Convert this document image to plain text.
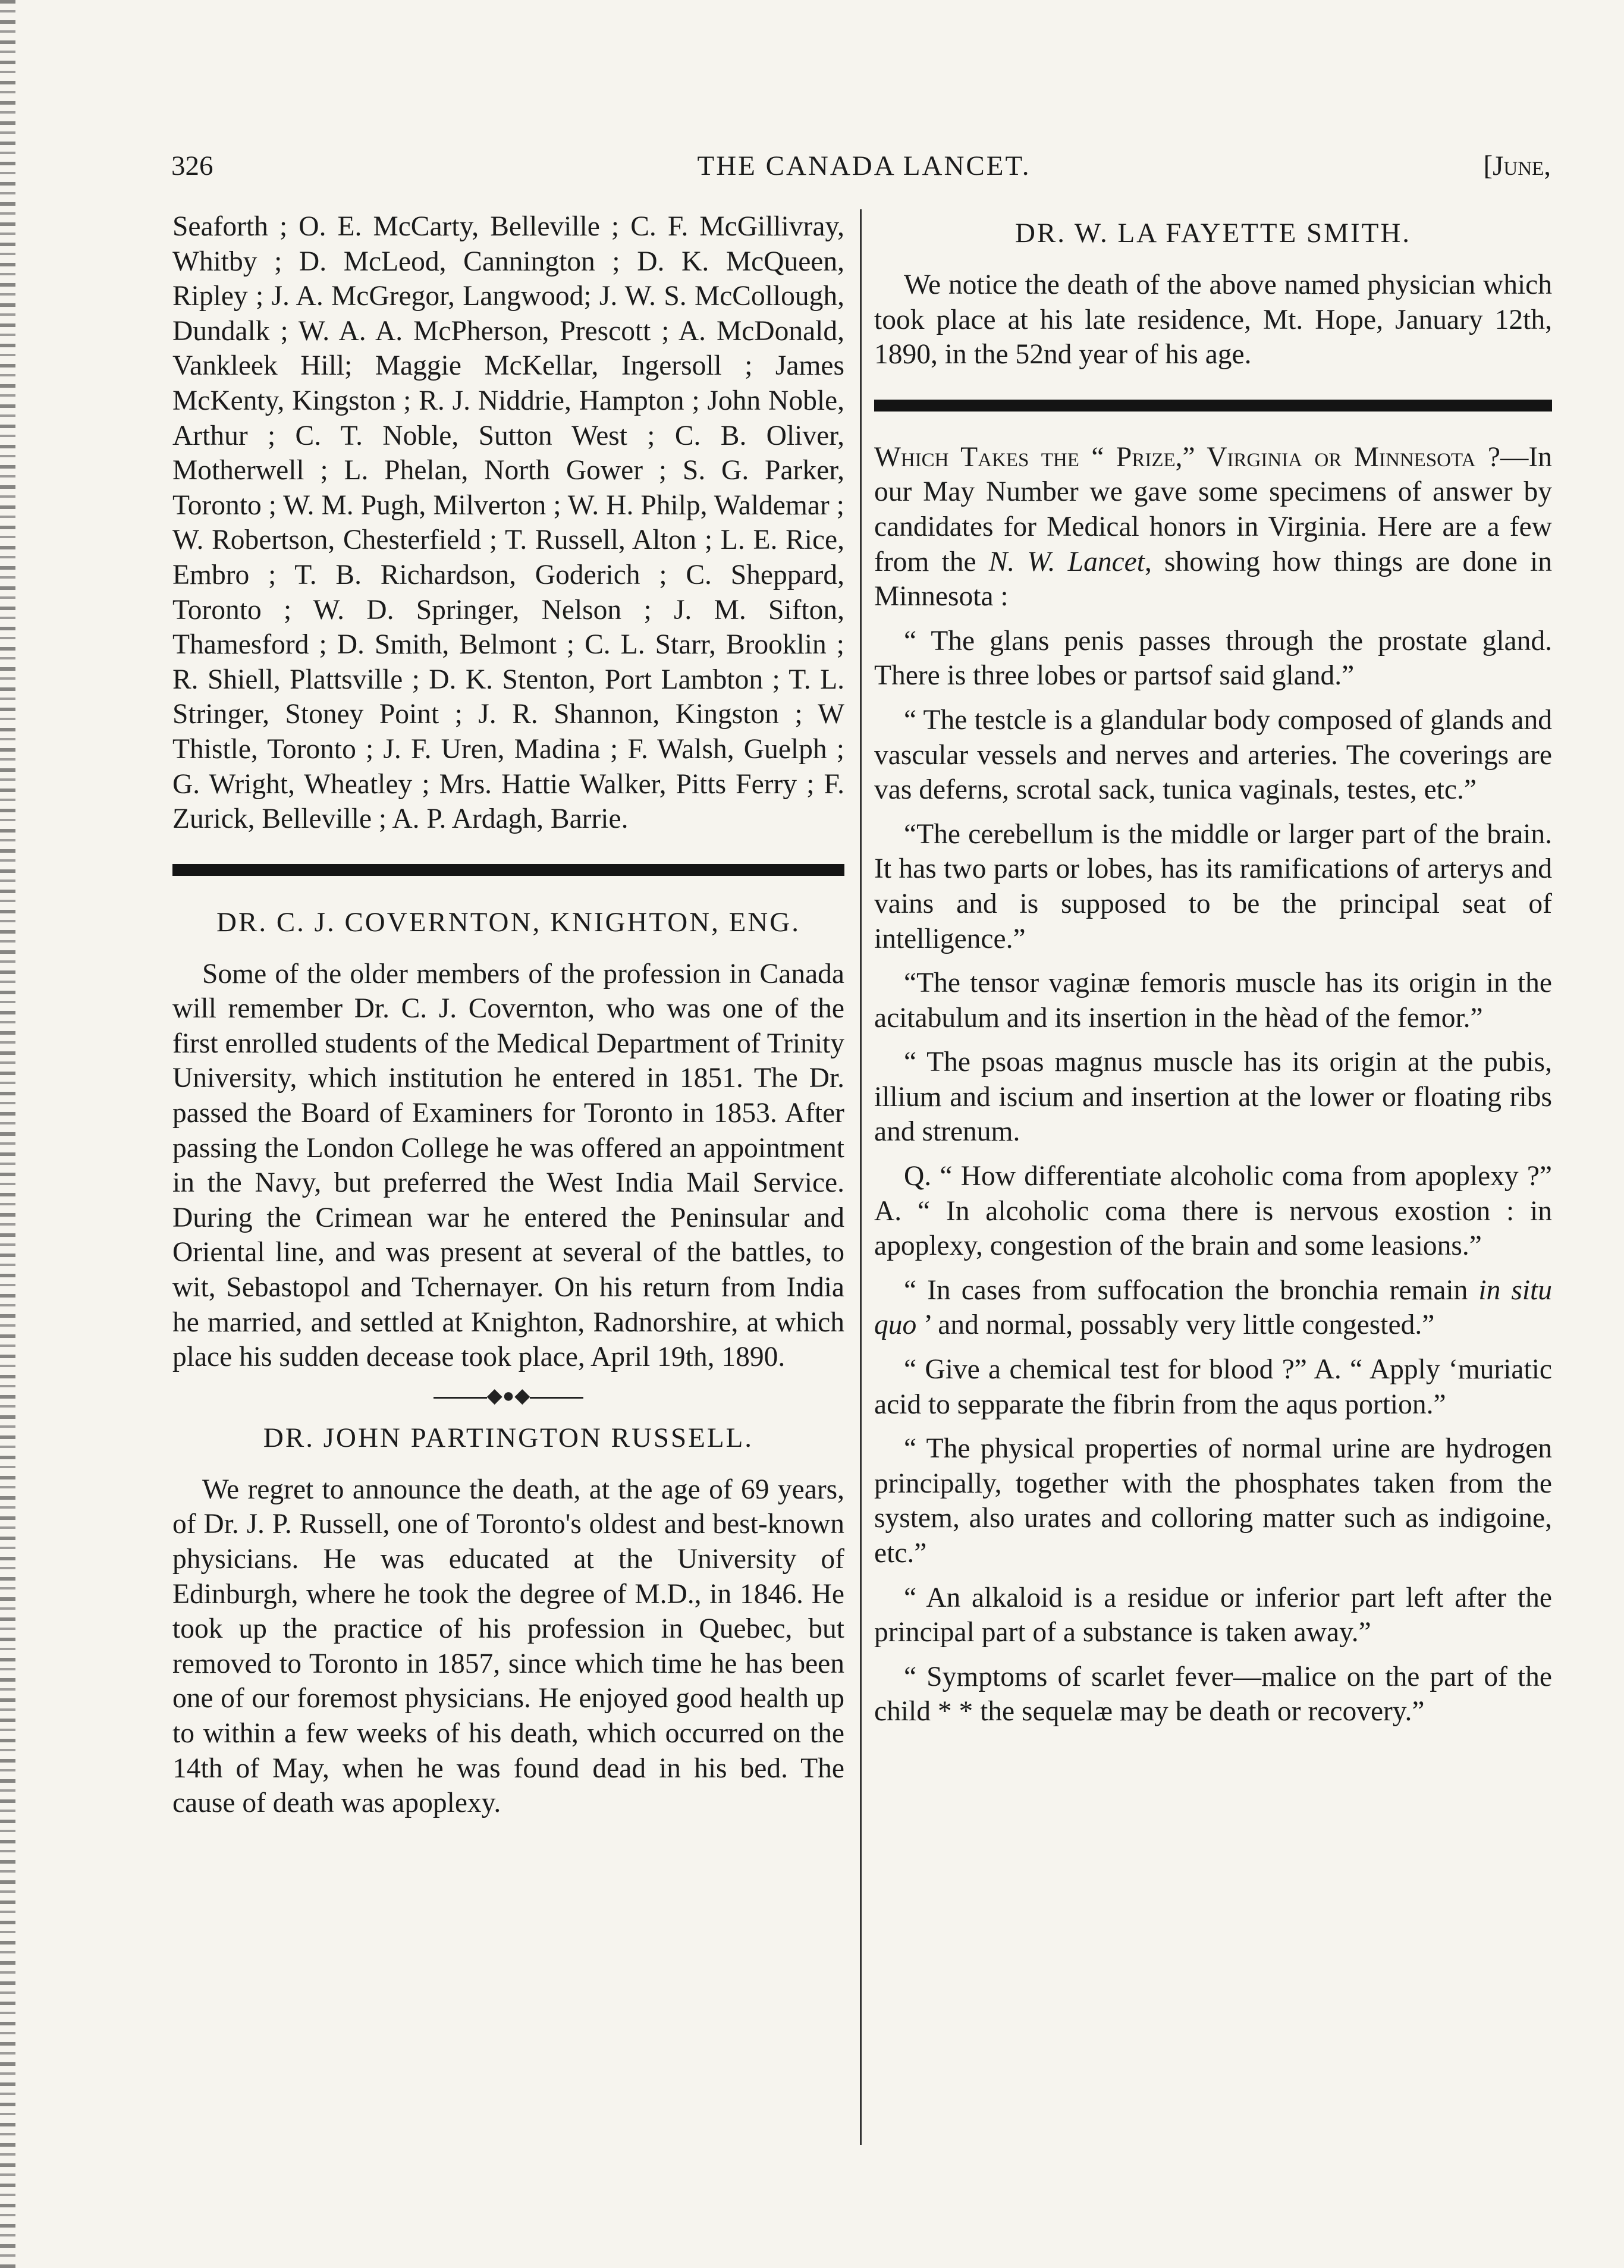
326	THE CANADA LANCET.	[June,

Seaforth ; O. E. McCarty, Belleville ; C. F. McGillivray, Whitby ; D. McLeod, Cannington ; D. K. McQueen, Ripley ; J. A. McGregor, Langwood; J. W. S. McCollough, Dundalk ; W. A. A. McPherson, Prescott ; A. McDonald, Vankleek Hill; Maggie McKellar, Ingersoll ; James McKenty, Kingston ; R. J. Niddrie, Hampton ; John Noble, Arthur ; C. T. Noble, Sutton West ; C. B. Oliver, Motherwell ; L. Phelan, North Gower ; S. G. Parker, Toronto ; W. M. Pugh, Milverton ; W. H. Philp, Waldemar ; W. Robertson, Chesterfield ; T. Russell, Alton ; L. E. Rice, Embro ; T. B. Richardson, Goderich ; C. Sheppard, Toronto ; W. D. Springer, Nelson ; J. M. Sifton, Thamesford ; D. Smith, Belmont ; C. L. Starr, Brooklin ; R. Shiell, Plattsville ; D. K. Stenton, Port Lambton ; T. L. Stringer, Stoney Point ; J. R. Shannon, Kingston ; W Thistle, Toronto ; J. F. Uren, Madina ; F. Walsh, Guelph ; G. Wright, Wheatley ; Mrs. Hattie Walker, Pitts Ferry ; F. Zurick, Belleville ; A. P. Ardagh, Barrie.

DR. C. J. COVERNTON, KNIGHTON, ENG.

Some of the older members of the profession in Canada will remember Dr. C. J. Covernton, who was one of the first enrolled students of the Medical Department of Trinity University, which institution he entered in 1851. The Dr. passed the Board of Examiners for Toronto in 1853. After passing the London College he was offered an appointment in the Navy, but preferred the West India Mail Service. During the Crimean war he entered the Peninsular and Oriental line, and was present at several of the battles, to wit, Sebastopol and Tchernayer. On his return from India he married, and settled at Knighton, Radnorshire, at which place his sudden decease took place, April 19th, 1890.

◆●◆
DR. JOHN PARTINGTON RUSSELL.

We regret to announce the death, at the age of 69 years, of Dr. J. P. Russell, one of Toronto's oldest and best-known physicians. He was educated at the University of Edinburgh, where he took the degree of M.D., in 1846. He took up the practice of his profession in Quebec, but removed to Toronto in 1857, since which time he has been one of our foremost physicians. He enjoyed good health up to within a few weeks of his death, which occurred on the 14th of May, when he was found dead in his bed. The cause of death was apoplexy.

DR. W. LA FAYETTE SMITH.

We notice the death of the above named physician which took place at his late residence, Mt. Hope, January 12th, 1890, in the 52nd year of his age.

Which Takes the “ Prize,” Virginia or Minnesota ?—In our May Number we gave some specimens of answer by candidates for Medical honors in Virginia. Here are a few from the N. W. Lancet, showing how things are done in Minnesota :

“ The glans penis passes through the prostate gland. There is three lobes or partsof said gland.”

“ The testcle is a glandular body composed of glands and vascular vessels and nerves and arteries. The coverings are vas deferns, scrotal sack, tunica vaginals, testes, etc.”

“The cerebellum is the middle or larger part of the brain. It has two parts or lobes, has its ramifications of arterys and vains and is supposed to be the principal seat of intelligence.”

“The tensor vaginæ femoris muscle has its origin in the acitabulum and its insertion in the hèad of the femor.”

“ The psoas magnus muscle has its origin at the pubis, illium and iscium and insertion at the lower or floating ribs and strenum.

Q. “ How differentiate alcoholic coma from apoplexy ?” A. “ In alcoholic coma there is nervous exostion : in apoplexy, congestion of the brain and some leasions.”

“ In cases from suffocation the bronchia remain in situ quo ’ and normal, possably very little congested.”

“ Give a chemical test for blood ?” A. “ Apply ‘muriatic acid to sepparate the fibrin from the aqus portion.”

“ The physical properties of normal urine are hydrogen principally, together with the phosphates taken from the system, also urates and colloring matter such as indigoine, etc.”

“ An alkaloid is a residue or inferior part left after the principal part of a substance is taken away.”

“ Symptoms of scarlet fever—malice on the part of the child * * the sequelæ may be death or recovery.”
